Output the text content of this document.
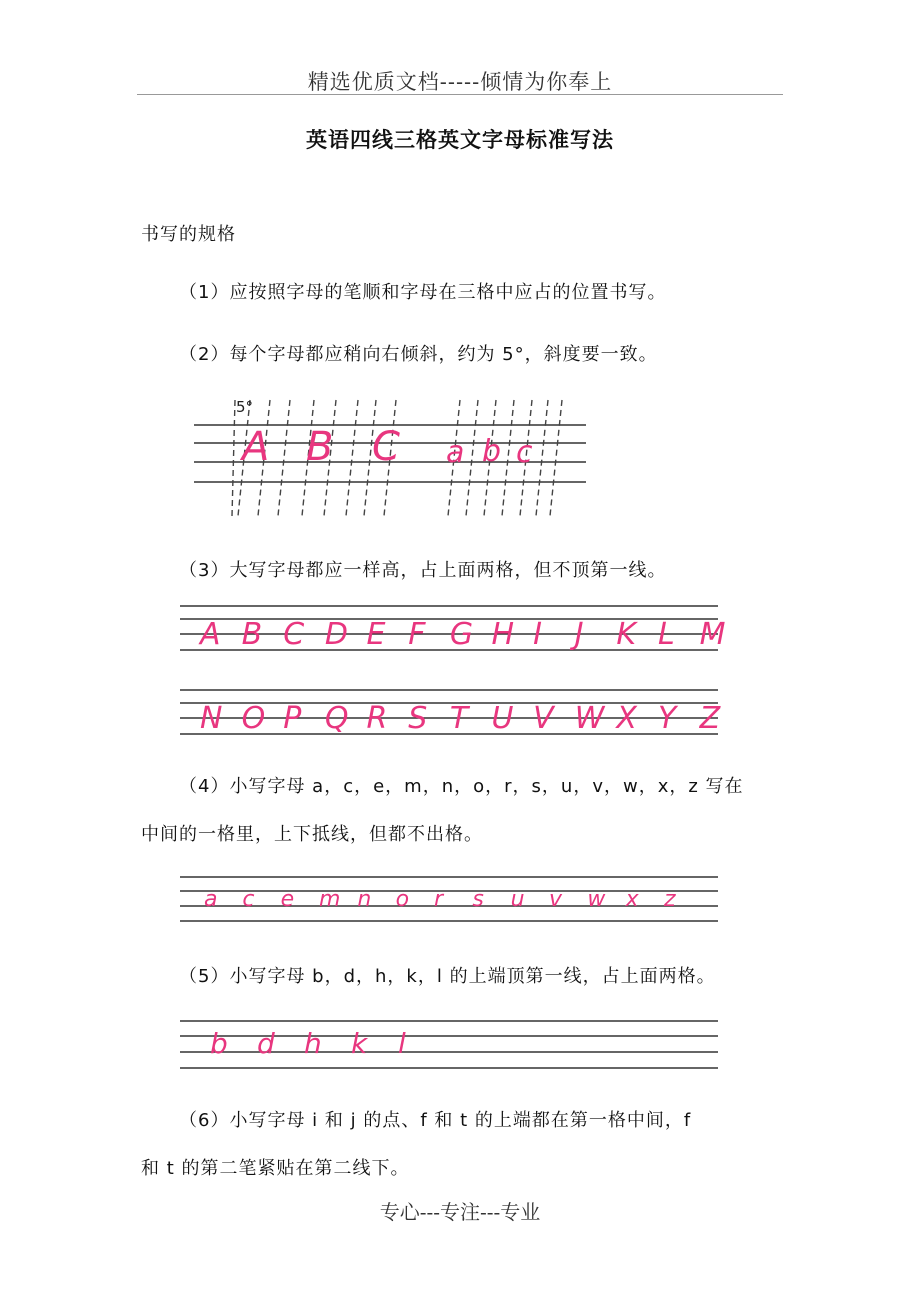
精选优质文档-----倾情为你奉上
英语四线三格英文字母标准写法
书写的规格
（1）应按照字母的笔顺和字母在三格中应占的位置书写。
（2）每个字母都应稍向右倾斜，约为 5°，斜度要一致。
5°
A B C a b c
（3）大写字母都应一样高，占上面两格，但不顶第一线。
A B C D E F G H I J K L M
N O P Q R S T U V W X Y Z
（4）小写字母 a，c，e，m，n，o，r，s，u，v，w，x，z 写在
中间的一格里，上下抵线，但都不出格。
a c e m n o r s u v w x z
（5）小写字母 b，d，h，k，l 的上端顶第一线，占上面两格。
b d h k l
（6）小写字母 i 和 j 的点、f 和 t 的上端都在第一格中间，f
和 t 的第二笔紧贴在第二线下。
专心---专注---专业
